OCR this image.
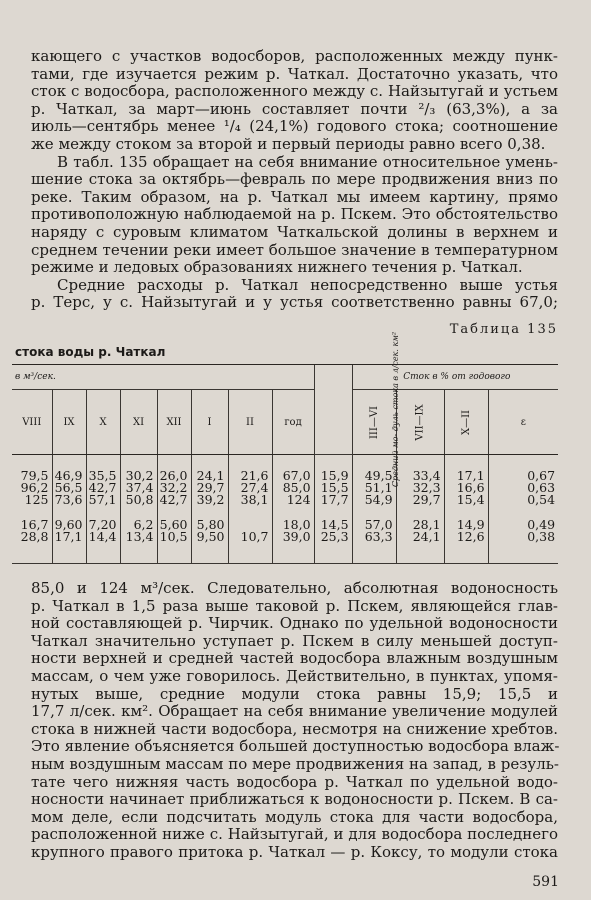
кающего с участков водосборов, расположенных между пунк-
тами, где изучается режим р. Чаткал. Достаточно указать, что
сток с водосбора, расположенного между с. Найзытугай и устьем
р. Чаткал, за март—июнь составляет почти ²/₃ (63,3%), а за
июль—сентябрь менее ¹/₄ (24,1%) годового стока; соотношение
же между стоком за второй и первый периоды равно всего 0,38.
В табл. 135 обращает на себя внимание относительное умень-
шение стока за октябрь—февраль по мере продвижения вниз по
реке. Таким образом, на р. Чаткал мы имеем картину, прямо
противоположную наблюдаемой на р. Пскем. Это обстоятельство
наряду с суровым климатом Чаткальской долины в верхнем и
среднем течении реки имеет большое значение в температурном
режиме и ледовых образованиях нижнего течения р. Чаткал.
Средние расходы р. Чаткал непосредственно выше устья
р. Терс, у с. Найзытугай и у устья соответственно равны 67,0;
Таблица 135
стока воды р. Чаткал
в м³/сек.								Средний мо- дуль стока в л/сек. км²	Сток в % от годового			
VIII	IX	X	XI	XII	I	II	год		III—VI	VII—IX	X—II	ε

79,5	46,9	35,5	30,2	26,0	24,1	21,6	67,0	15,9	49,5	33,4	17,1	0,67
96,2	56,5	42,7	37,4	32,2	29,7	27,4	85,0	15,5	51,1	32,3	16,6	0,63
125	73,6	57,1	50,8	42,7	39,2	38,1	124	17,7	54,9	29,7	15,4	0,54

16,7	9,60	7,20	6,2	5,60	5,80		18,0	14,5	57,0	28,1	14,9	0,49
28,8	17,1	14,4	13,4	10,5	9,50	10,7	39,0	25,3	63,3	24,1	12,6	0,38

85,0 и 124 м³/сек. Следовательно, абсолютная водоносность
р. Чаткал в 1,5 раза выше таковой р. Пскем, являющейся глав-
ной составляющей р. Чирчик. Однако по удельной водоносности
Чаткал значительно уступает р. Пскем в силу меньшей доступ-
ности верхней и средней частей водосбора влажным воздушным
массам, о чем уже говорилось. Действительно, в пунктах, упомя-
нутых выше, средние модули стока равны 15,9; 15,5 и
17,7 л/сек. км². Обращает на себя внимание увеличение модулей
стока в нижней части водосбора, несмотря на снижение хребтов.
Это явление объясняется большей доступностью водосбора влаж-
ным воздушным массам по мере продвижения на запад, в резуль-
тате чего нижняя часть водосбора р. Чаткал по удельной водо-
носности начинает приближаться к водоносности р. Пскем. В са-
мом деле, если подсчитать модуль стока для части водосбора,
расположенной ниже с. Найзытугай, и для водосбора последнего
крупного правого притока р. Чаткал — р. Коксу, то модули стока
591
